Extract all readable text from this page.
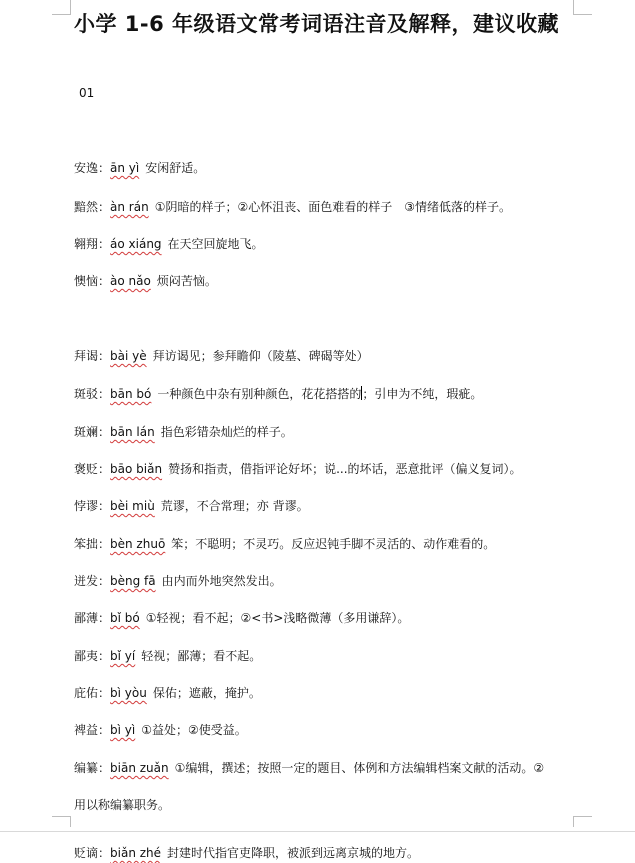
小学 1-6 年级语文常考词语注音及解释，建议收藏
01
安逸：ān yì 安闲舒适。
黯然：àn rán ①阴暗的样子；②心怀沮丧、面色难看的样子　③情绪低落的样子。
翱翔：áo xiáng 在天空回旋地飞。
懊恼：ào nǎo 烦闷苦恼。
拜谒：bài yè 拜访谒见；参拜瞻仰（陵墓、碑碣等处）
斑驳：bān bó 一种颜色中杂有别种颜色，花花搭搭的；引申为不纯，瑕疵。
斑斓：bān lán 指色彩错杂灿烂的样子。
褒贬：bāo biǎn 赞扬和指责，借指评论好坏；说...的坏话，恶意批评（偏义复词）。
悖谬：bèi miù 荒谬，不合常理；亦 背谬。
笨拙：bèn zhuō 笨；不聪明；不灵巧。反应迟钝手脚不灵活的、动作难看的。
迸发：bèng fā 由内而外地突然发出。
鄙薄：bǐ bó ①轻视；看不起；②<书>浅略微薄（多用谦辞）。
鄙夷：bǐ yí 轻视；鄙薄；看不起。
庇佑：bì yòu 保佑；遮蔽，掩护。
裨益：bì yì ①益处；②使受益。
编纂：biān zuǎn ①编辑，撰述；按照一定的题目、体例和方法编辑档案文献的活动。②
用以称编纂职务。
贬谪：biǎn zhé 封建时代指官吏降职，被派到远离京城的地方。
